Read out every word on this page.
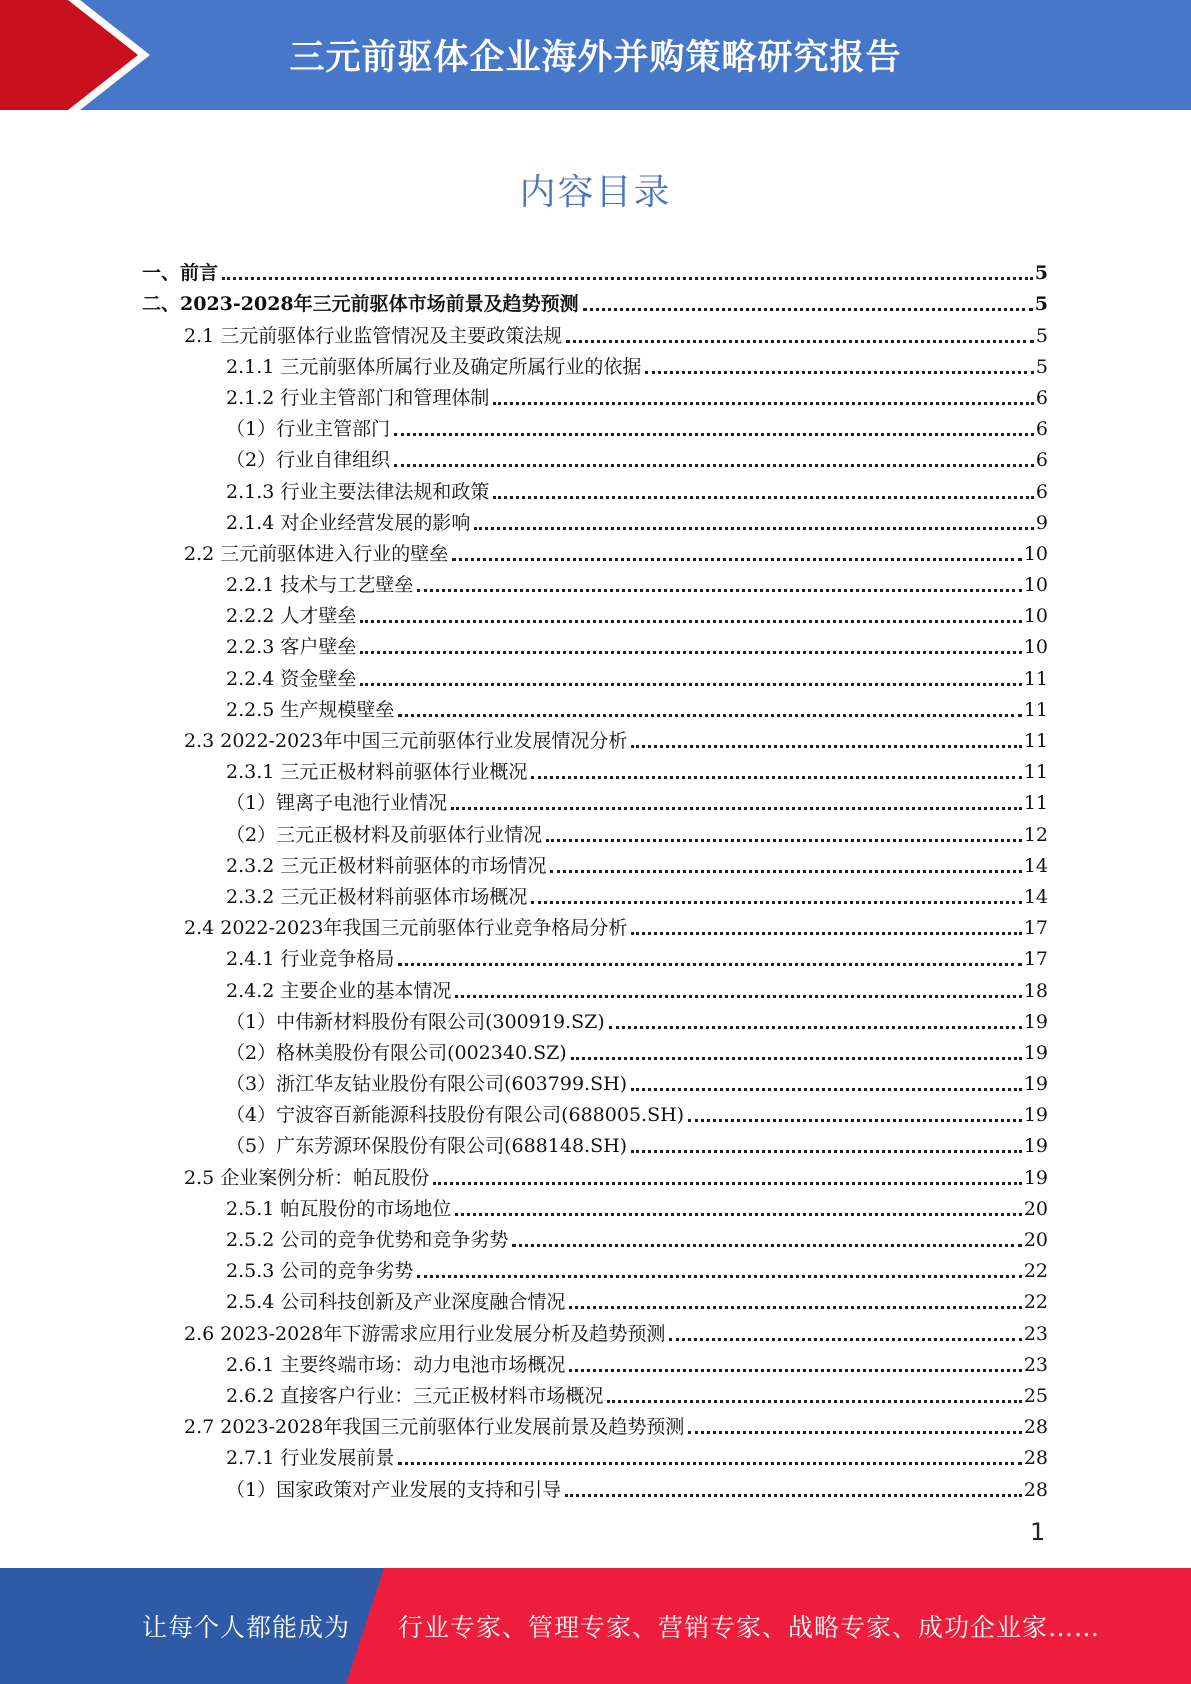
三元前驱体企业海外并购策略研究报告
内容目录
一、前言	5
二、2023-2028年三元前驱体市场前景及趋势预测	5
2.1 三元前驱体行业监管情况及主要政策法规	5
2.1.1 三元前驱体所属行业及确定所属行业的依据	5
2.1.2 行业主管部门和管理体制	6
（1）行业主管部门	6
（2）行业自律组织	6
2.1.3 行业主要法律法规和政策	6
2.1.4 对企业经营发展的影响	9
2.2 三元前驱体进入行业的壁垒	10
2.2.1 技术与工艺壁垒	10
2.2.2 人才壁垒	10
2.2.3 客户壁垒	10
2.2.4 资金壁垒	11
2.2.5 生产规模壁垒	11
2.3 2022-2023年中国三元前驱体行业发展情况分析	11
2.3.1 三元正极材料前驱体行业概况	11
（1）锂离子电池行业情况	11
（2）三元正极材料及前驱体行业情况	12
2.3.2 三元正极材料前驱体的市场情况	14
2.3.2 三元正极材料前驱体市场概况	14
2.4 2022-2023年我国三元前驱体行业竞争格局分析	17
2.4.1 行业竞争格局	17
2.4.2 主要企业的基本情况	18
（1）中伟新材料股份有限公司(300919.SZ)	19
（2）格林美股份有限公司(002340.SZ)	19
（3）浙江华友钴业股份有限公司(603799.SH)	19
（4）宁波容百新能源科技股份有限公司(688005.SH)	19
（5）广东芳源环保股份有限公司(688148.SH)	19
2.5 企业案例分析：帕瓦股份	19
2.5.1 帕瓦股份的市场地位	20
2.5.2 公司的竞争优势和竞争劣势	20
2.5.3 公司的竞争劣势	22
2.5.4 公司科技创新及产业深度融合情况	22
2.6 2023-2028年下游需求应用行业发展分析及趋势预测	23
2.6.1 主要终端市场：动力电池市场概况	23
2.6.2 直接客户行业：三元正极材料市场概况	25
2.7 2023-2028年我国三元前驱体行业发展前景及趋势预测	28
2.7.1 行业发展前景	28
（1）国家政策对产业发展的支持和引导	28
1
让每个人都能成为 行业专家、管理专家、营销专家、战略专家、成功企业家……
